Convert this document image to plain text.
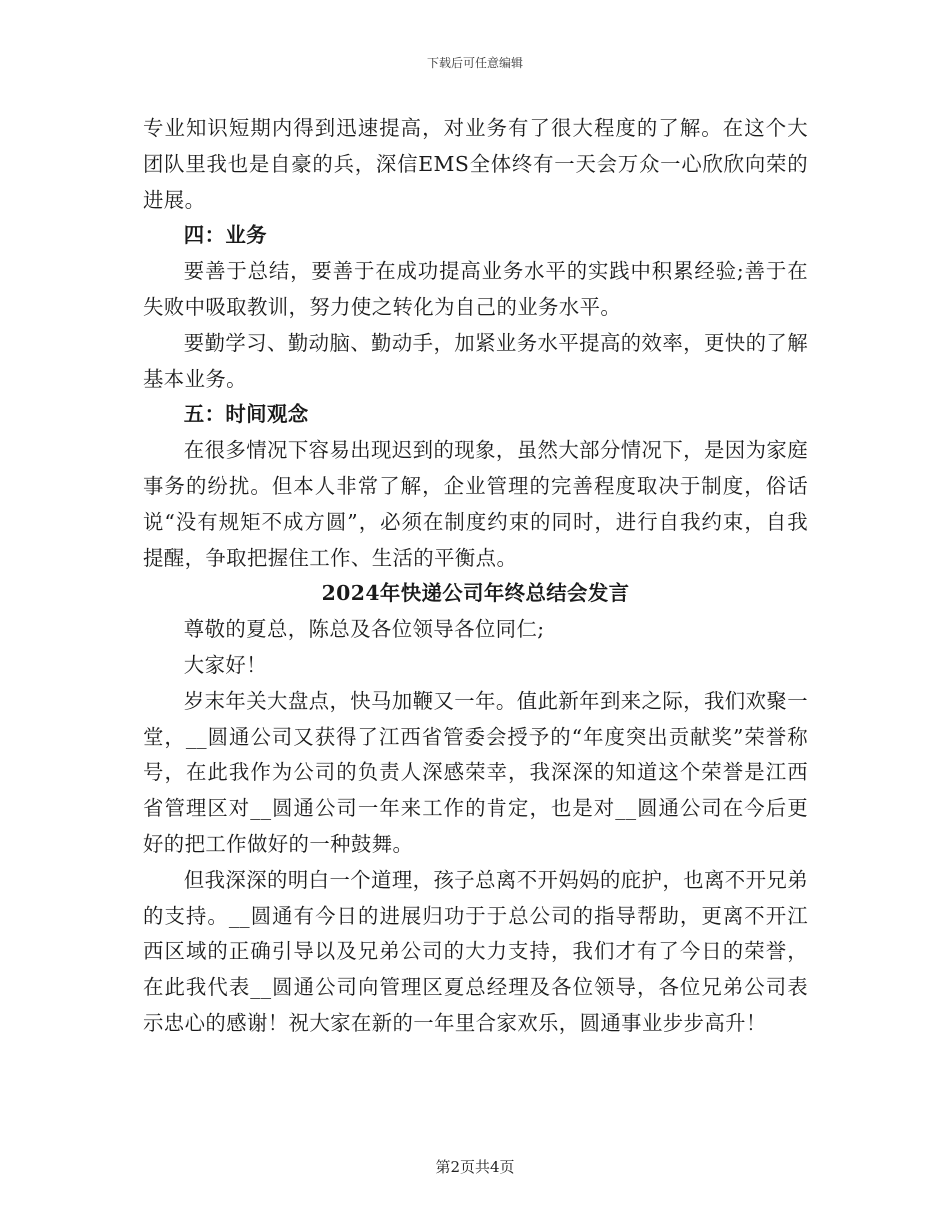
下载后可任意编辑

专业知识短期内得到迅速提高，对业务有了很大程度的了解。在这个大团队里我也是自豪的兵，深信EMS全体终有一天会万众一心欣欣向荣的进展。

四：业务

要善于总结，要善于在成功提高业务水平的实践中积累经验;善于在失败中吸取教训，努力使之转化为自己的业务水平。

要勤学习、勤动脑、勤动手，加紧业务水平提高的效率，更快的了解基本业务。

五：时间观念

在很多情况下容易出现迟到的现象，虽然大部分情况下，是因为家庭事务的纷扰。但本人非常了解，企业管理的完善程度取决于制度，俗话说“没有规矩不成方圆”，必须在制度约束的同时，进行自我约束，自我提醒，争取把握住工作、生活的平衡点。

2024年快递公司年终总结会发言

尊敬的夏总，陈总及各位领导各位同仁;

大家好！

岁末年关大盘点，快马加鞭又一年。值此新年到来之际，我们欢聚一堂，__圆通公司又获得了江西省管委会授予的“年度突出贡献奖”荣誉称号，在此我作为公司的负责人深感荣幸，我深深的知道这个荣誉是江西省管理区对__圆通公司一年来工作的肯定，也是对__圆通公司在今后更好的把工作做好的一种鼓舞。

但我深深的明白一个道理，孩子总离不开妈妈的庇护，也离不开兄弟的支持。__圆通有今日的进展归功于于总公司的指导帮助，更离不开江西区域的正确引导以及兄弟公司的大力支持，我们才有了今日的荣誉，在此我代表__圆通公司向管理区夏总经理及各位领导，各位兄弟公司表示忠心的感谢！祝大家在新的一年里合家欢乐，圆通事业步步高升！

第2页共4页
